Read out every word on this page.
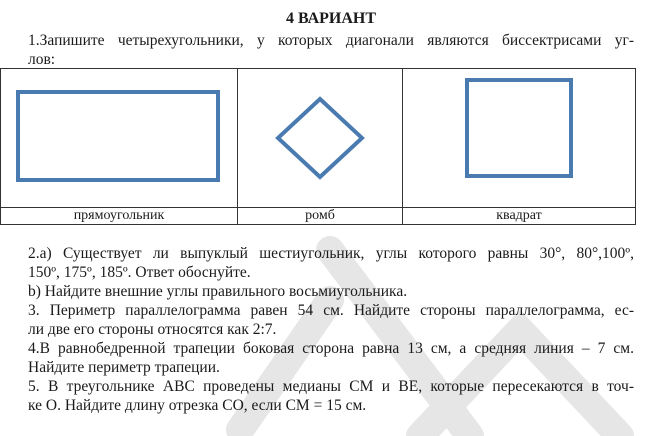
4 ВАРИАНТ
1.Запишите четырехугольники, у которых диагонали являются биссектрисами уг-
лов:

прямоугольник	ромб	квадрат
2.а) Существует ли выпуклый шестиугольник, углы которого равны 30°, 80°,100º,
150º, 175º, 185º. Ответ обоснуйте.
b) Найдите внешние углы правильного восьмиугольника.
3. Периметр параллелограмма равен 54 см. Найдите стороны параллелограмма, ес-
ли две его стороны относятся как 2:7.
4.В равнобедренной трапеции боковая сторона равна 13 см, а средняя линия – 7 см.
Найдите периметр трапеции.
5. В треугольнике АВС проведены медианы СМ и ВЕ, которые пересекаются в точ-
ке О. Найдите длину отрезка СО, если СМ = 15 см.
